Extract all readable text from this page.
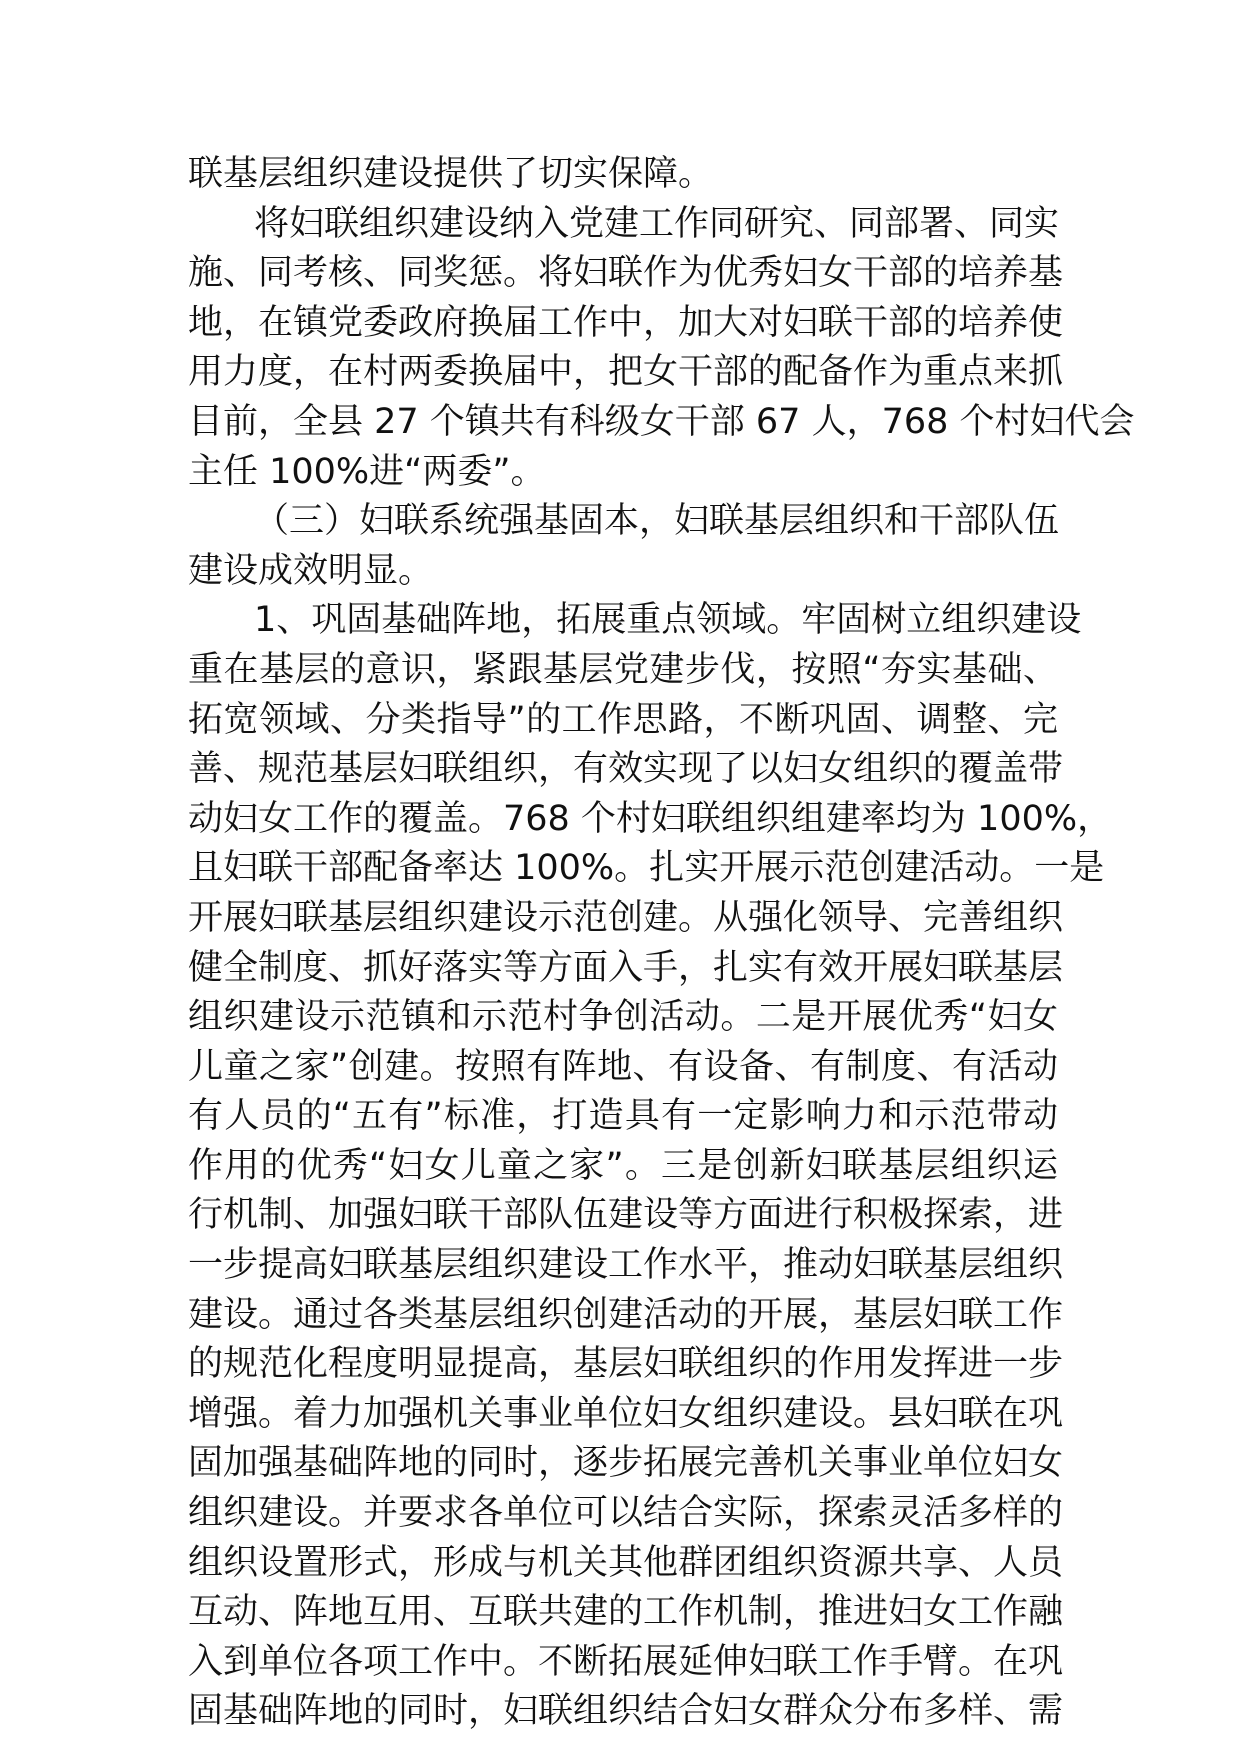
联基层组织建设提供了切实保障。
将妇联组织建设纳入党建工作同研究、同部署、同实
施、同考核、同奖惩。将妇联作为优秀妇女干部的培养基
地，在镇党委政府换届工作中，加大对妇联干部的培养使
用力度，在村两委换届中，把女干部的配备作为重点来抓
目前，全县 27 个镇共有科级女干部 67 人，768 个村妇代会
主任 100%进“两委”。
（三）妇联系统强基固本，妇联基层组织和干部队伍
建设成效明显。
1、巩固基础阵地，拓展重点领域。牢固树立组织建设
重在基层的意识，紧跟基层党建步伐，按照“夯实基础、
拓宽领域、分类指导”的工作思路，不断巩固、调整、完
善、规范基层妇联组织，有效实现了以妇女组织的覆盖带
动妇女工作的覆盖。768 个村妇联组织组建率均为 100%，
且妇联干部配备率达 100%。扎实开展示范创建活动。一是
开展妇联基层组织建设示范创建。从强化领导、完善组织
健全制度、抓好落实等方面入手，扎实有效开展妇联基层
组织建设示范镇和示范村争创活动。二是开展优秀“妇女
儿童之家”创建。按照有阵地、有设备、有制度、有活动
有人员的“五有”标准，打造具有一定影响力和示范带动
作用的优秀“妇女儿童之家”。三是创新妇联基层组织运
行机制、加强妇联干部队伍建设等方面进行积极探索，进
一步提高妇联基层组织建设工作水平，推动妇联基层组织
建设。通过各类基层组织创建活动的开展，基层妇联工作
的规范化程度明显提高，基层妇联组织的作用发挥进一步
增强。着力加强机关事业单位妇女组织建设。县妇联在巩
固加强基础阵地的同时，逐步拓展完善机关事业单位妇女
组织建设。并要求各单位可以结合实际，探索灵活多样的
组织设置形式，形成与机关其他群团组织资源共享、人员
互动、阵地互用、互联共建的工作机制，推进妇女工作融
入到单位各项工作中。不断拓展延伸妇联工作手臂。在巩
固基础阵地的同时，妇联组织结合妇女群众分布多样、需
